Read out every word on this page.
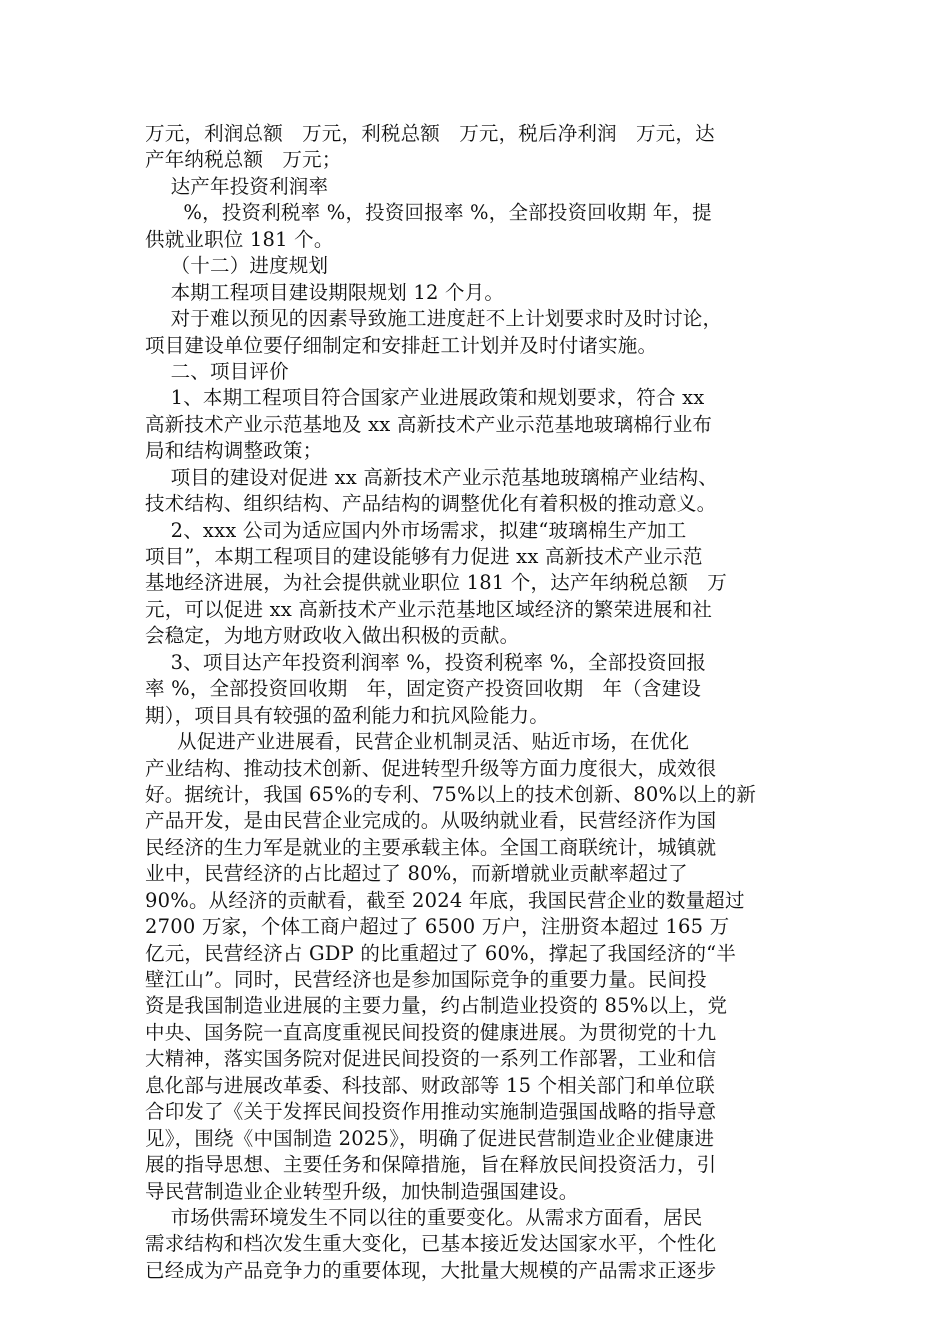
万元，利润总额   万元，利税总额   万元，税后净利润   万元，达
产年纳税总额   万元；
达产年投资利润率
%，投资利税率 %，投资回报率 %，全部投资回收期 年，提
供就业职位 181 个。
（十二）进度规划
本期工程项目建设期限规划 12 个月。
对于难以预见的因素导致施工进度赶不上计划要求时及时讨论，
项目建设单位要仔细制定和安排赶工计划并及时付诸实施。
二、项目评价
1、本期工程项目符合国家产业进展政策和规划要求，符合 xx
高新技术产业示范基地及 xx 高新技术产业示范基地玻璃棉行业布
局和结构调整政策；
项目的建设对促进 xx 高新技术产业示范基地玻璃棉产业结构、
技术结构、组织结构、产品结构的调整优化有着积极的推动意义。
2、xxx 公司为适应国内外市场需求，拟建“玻璃棉生产加工
项目”，本期工程项目的建设能够有力促进 xx 高新技术产业示范
基地经济进展，为社会提供就业职位 181 个，达产年纳税总额   万
元，可以促进 xx 高新技术产业示范基地区域经济的繁荣进展和社
会稳定，为地方财政收入做出积极的贡献。
3、项目达产年投资利润率 %，投资利税率 %，全部投资回报
率 %，全部投资回收期   年，固定资产投资回收期   年（含建设
期），项目具有较强的盈利能力和抗风险能力。
从促进产业进展看，民营企业机制灵活、贴近市场，在优化
产业结构、推动技术创新、促进转型升级等方面力度很大，成效很
好。据统计，我国 65%的专利、75%以上的技术创新、80%以上的新
产品开发，是由民营企业完成的。从吸纳就业看，民营经济作为国
民经济的生力军是就业的主要承载主体。全国工商联统计，城镇就
业中，民营经济的占比超过了 80%，而新增就业贡献率超过了
90%。从经济的贡献看，截至 2024 年底，我国民营企业的数量超过
2700 万家，个体工商户超过了 6500 万户，注册资本超过 165 万
亿元，民营经济占 GDP 的比重超过了 60%，撑起了我国经济的“半
壁江山”。同时，民营经济也是参加国际竞争的重要力量。民间投
资是我国制造业进展的主要力量，约占制造业投资的 85%以上，党
中央、国务院一直高度重视民间投资的健康进展。为贯彻党的十九
大精神，落实国务院对促进民间投资的一系列工作部署，工业和信
息化部与进展改革委、科技部、财政部等 15 个相关部门和单位联
合印发了《关于发挥民间投资作用推动实施制造强国战略的指导意
见》，围绕《中国制造 2025》，明确了促进民营制造业企业健康进
展的指导思想、主要任务和保障措施，旨在释放民间投资活力，引
导民营制造业企业转型升级，加快制造强国建设。
市场供需环境发生不同以往的重要变化。从需求方面看，居民
需求结构和档次发生重大变化，已基本接近发达国家水平，个性化
已经成为产品竞争力的重要体现，大批量大规模的产品需求正逐步
